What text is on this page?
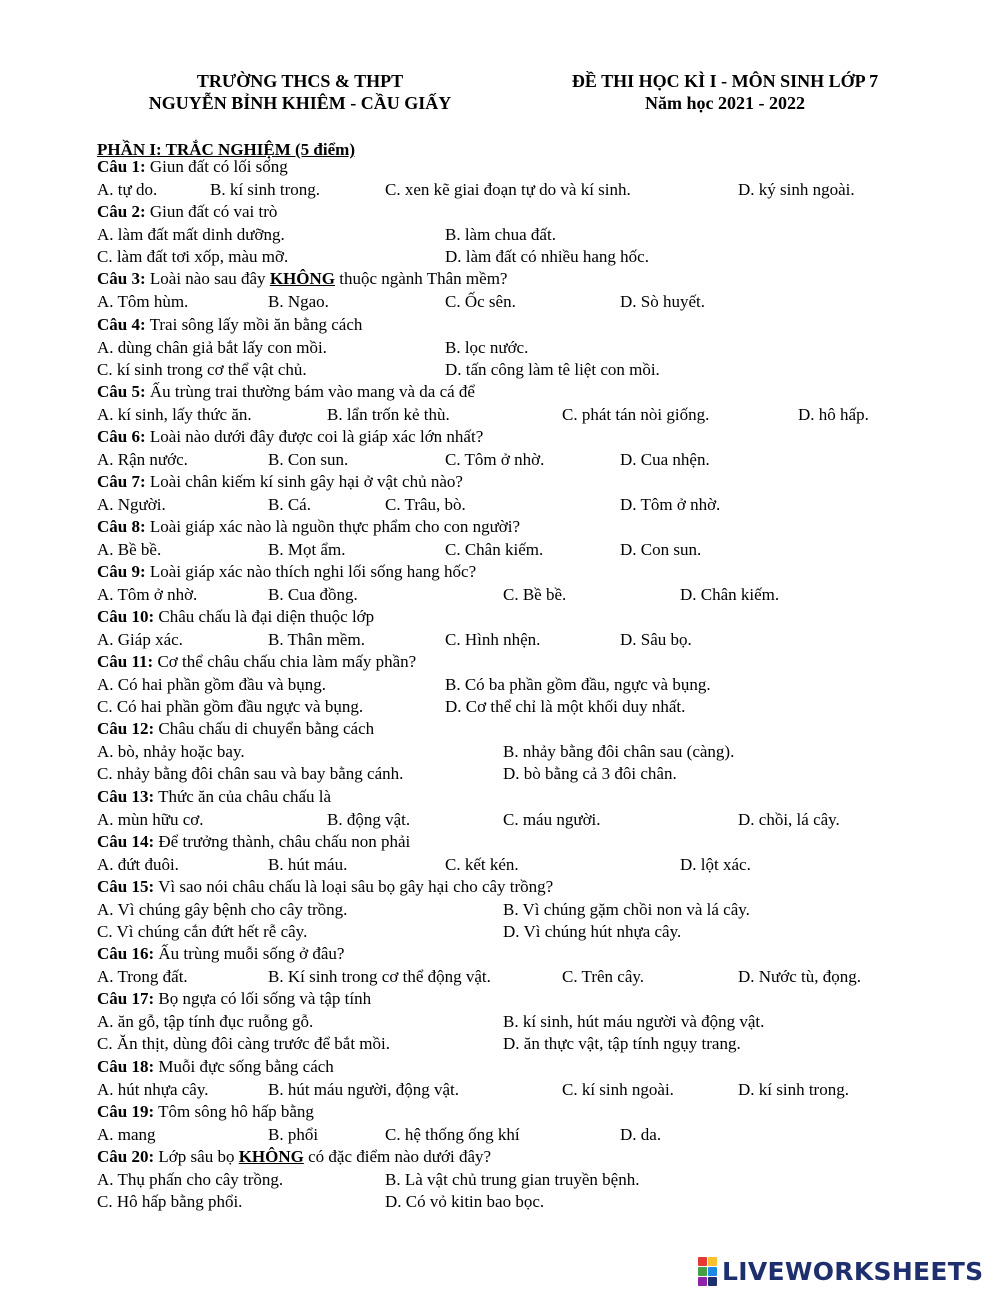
TRƯỜNG THCS & THPT
NGUYỄN BỈNH KHIÊM - CẦU GIẤY
ĐỀ THI HỌC KÌ I - MÔN SINH LỚP 7
Năm học 2021 - 2022
PHẦN I: TRẮC NGHIỆM (5 điểm)
Câu 1: Giun đất có lối sống
A. tự do.	B. kí sinh trong.	C. xen kẽ giai đoạn tự do và kí sinh.	D. ký sinh ngoài.
Câu 2: Giun đất có vai trò
A. làm đất mất dinh dưỡng.	B. làm chua đất.
C. làm đất tơi xốp, màu mỡ.	D. làm đất có nhiều hang hốc.
Câu 3: Loài nào sau đây KHÔNG thuộc ngành Thân mềm?
A. Tôm hùm.	B. Ngao.	C. Ốc sên.	D. Sò huyết.
Câu 4: Trai sông lấy mồi ăn bằng cách
A. dùng chân giả bắt lấy con mồi.	B. lọc nước.
C. kí sinh trong cơ thể vật chủ.	D. tấn công làm tê liệt con mồi.
Câu 5: Ấu trùng trai thường bám vào mang và da cá để
A. kí sinh, lấy thức ăn.	B. lẩn trốn kẻ thù.	C. phát tán nòi giống.	D. hô hấp.
Câu 6: Loài nào dưới đây được coi là giáp xác lớn nhất?
A. Rận nước.	B. Con sun.	C. Tôm ở nhờ.	D. Cua nhện.
Câu 7: Loài chân kiếm kí sinh gây hại ở vật chủ nào?
A. Người.	B. Cá.	C. Trâu, bò.	D. Tôm ở nhờ.
Câu 8: Loài giáp xác nào là nguồn thực phẩm cho con người?
A. Bề bề.	B. Mọt ẩm.	C. Chân kiếm.	D. Con sun.
Câu 9: Loài giáp xác nào thích nghi lối sống hang hốc?
A. Tôm ở nhờ.	B. Cua đồng.	C. Bề bề.	D. Chân kiếm.
Câu 10: Châu chấu là đại diện thuộc lớp
A. Giáp xác.	B. Thân mềm.	C. Hình nhện.	D. Sâu bọ.
Câu 11: Cơ thể châu chấu chia làm mấy phần?
A. Có hai phần gồm đầu và bụng.	B. Có ba phần gồm đầu, ngực và bụng.
C. Có hai phần gồm đầu ngực và bụng.	D. Cơ thể chỉ là một khối duy nhất.
Câu 12: Châu chấu di chuyển bằng cách
A. bò, nhảy hoặc bay.	B. nhảy bằng đôi chân sau (càng).
C. nhảy bằng đôi chân sau và bay bằng cánh.	D. bò bằng cả 3 đôi chân.
Câu 13: Thức ăn của châu chấu là
A. mùn hữu cơ.	B. động vật.	C. máu người.	D. chồi, lá cây.
Câu 14: Để trưởng thành, châu chấu non phải
A. đứt đuôi.	B. hút máu.	C. kết kén.	D. lột xác.
Câu 15: Vì sao nói châu chấu là loại sâu bọ gây hại cho cây trồng?
A. Vì chúng gây bệnh cho cây trồng.	B. Vì chúng gặm chồi non và lá cây.
C. Vì chúng cắn đứt hết rễ cây.	D. Vì chúng hút nhựa cây.
Câu 16: Ấu trùng muỗi sống ở đâu?
A. Trong đất.	B. Kí sinh trong cơ thể động vật.	C. Trên cây.	D. Nước tù, đọng.
Câu 17: Bọ ngựa có lối sống và tập tính
A. ăn gỗ, tập tính đục ruỗng gỗ.	B. kí sinh, hút máu người và động vật.
C. Ăn thịt, dùng đôi càng trước để bắt mồi.	D. ăn thực vật, tập tính ngụy trang.
Câu 18: Muỗi đực sống bằng cách
A. hút nhựa cây.	B. hút máu người, động vật.	C. kí sinh ngoài.	D. kí sinh trong.
Câu 19: Tôm sông hô hấp bằng
A. mang	B. phổi	C. hệ thống ống khí	D. da.
Câu 20: Lớp sâu bọ KHÔNG có đặc điểm nào dưới đây?
A. Thụ phấn cho cây trồng.	B. Là vật chủ trung gian truyền bệnh.
C. Hô hấp bằng phổi.	D. Có vỏ kitin bao bọc.
LIVEWORKSHEETS
